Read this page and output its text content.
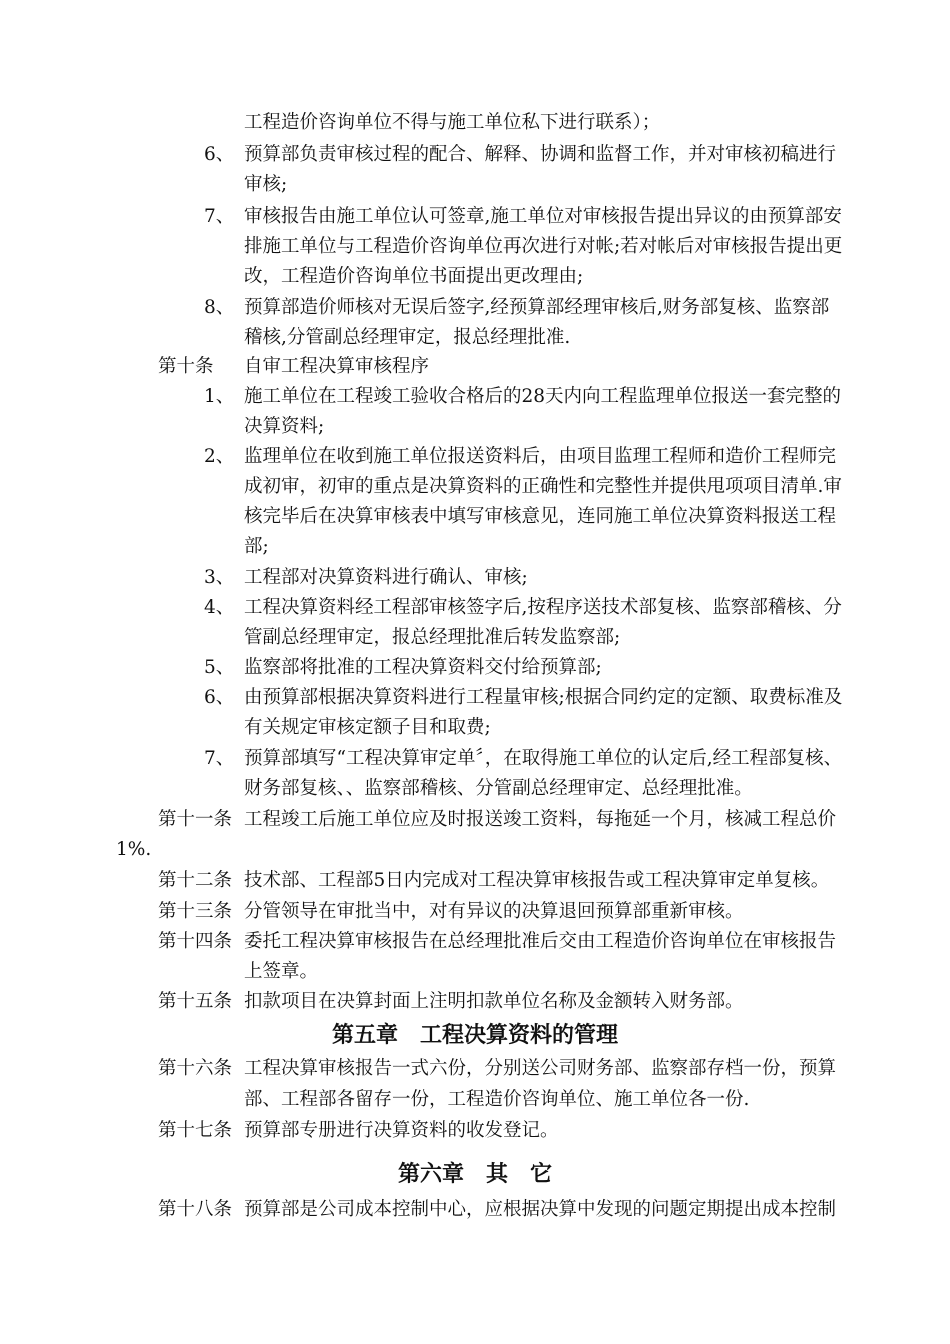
工程造价咨询单位不得与施工单位私下进行联系）；
6、 预算部负责审核过程的配合、解释、协调和监督工作，并对审核初稿进行
审核;
7、 审核报告由施工单位认可签章,施工单位对审核报告提出异议的由预算部安
排施工单位与工程造价咨询单位再次进行对帐;若对帐后对审核报告提出更
改，工程造价咨询单位书面提出更改理由;
8、 预算部造价师核对无误后签字,经预算部经理审核后,财务部复核、监察部
稽核,分管副总经理审定，报总经理批准.
第十条 自审工程决算审核程序
1、 施工单位在工程竣工验收合格后的28天内向工程监理单位报送一套完整的
决算资料;
2、 监理单位在收到施工单位报送资料后，由项目监理工程师和造价工程师完
成初审，初审的重点是决算资料的正确性和完整性并提供甩项项目清单.审
核完毕后在决算审核表中填写审核意见，连同施工单位决算资料报送工程
部;
3、 工程部对决算资料进行确认、审核;
4、 工程决算资料经工程部审核签字后,按程序送技术部复核、监察部稽核、分
管副总经理审定，报总经理批准后转发监察部;
5、 监察部将批准的工程决算资料交付给预算部;
6、 由预算部根据决算资料进行工程量审核;根据合同约定的定额、取费标准及
有关规定审核定额子目和取费;
7、 预算部填写“工程决算审定单〞，在取得施工单位的认定后,经工程部复核、
财务部复核、、监察部稽核、分管副总经理审定、总经理批准。
第十一条 工程竣工后施工单位应及时报送竣工资料，每拖延一个月，核减工程总价
1%.
第十二条 技术部、工程部5日内完成对工程决算审核报告或工程决算审定单复核。
第十三条 分管领导在审批当中，对有异议的决算退回预算部重新审核。
第十四条 委托工程决算审核报告在总经理批准后交由工程造价咨询单位在审核报告
上签章。
第十五条 扣款项目在决算封面上注明扣款单位名称及金额转入财务部。
第五章　工程决算资料的管理
第十六条 工程决算审核报告一式六份，分别送公司财务部、监察部存档一份，预算
部、工程部各留存一份，工程造价咨询单位、施工单位各一份.
第十七条 预算部专册进行决算资料的收发登记。
第六章　其　它
第十八条 预算部是公司成本控制中心，应根据决算中发现的问题定期提出成本控制
